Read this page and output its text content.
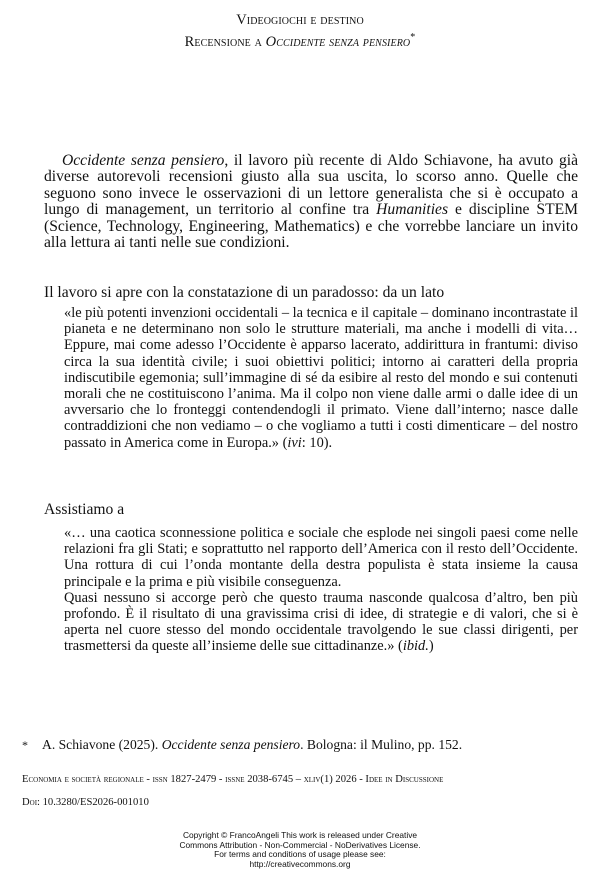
Videogiochi e destino
Recensione a Occidente senza pensiero*
Occidente senza pensiero, il lavoro più recente di Aldo Schiavone, ha avuto già diverse autorevoli recensioni giusto alla sua uscita, lo scorso anno. Quelle che seguono sono invece le osservazioni di un lettore generalista che si è occupato a lungo di management, un territorio al confine tra Humanities e discipline STEM (Science, Technology, Engineering, Mathematics) e che vorrebbe lanciare un invito alla lettura ai tanti nelle sue condizioni.
Il lavoro si apre con la constatazione di un paradosso: da un lato
«le più potenti invenzioni occidentali – la tecnica e il capitale – dominano incontrastate il pianeta e ne determinano non solo le strutture materiali, ma anche i modelli di vita… Eppure, mai come adesso l’Occidente è apparso lacerato, addirittura in frantumi: diviso circa la sua identità civile; i suoi obiettivi politici; intorno ai caratteri della propria indiscutibile egemonia; sull’immagine di sé da esibire al resto del mondo e sui contenuti morali che ne costituiscono l’anima. Ma il colpo non viene dalle armi o dalle idee di un avversario che lo fronteggi contendendogli il primato. Viene dall’interno; nasce dalle contraddizioni che non vediamo – o che vogliamo a tutti i costi dimenticare – del nostro passato in America come in Europa.» (ivi: 10).
Assistiamo a
«… una caotica sconnessione politica e sociale che esplode nei singoli paesi come nelle relazioni fra gli Stati; e soprattutto nel rapporto dell’America con il resto dell’Occidente. Una rottura di cui l’onda montante della destra populista è stata insieme la causa principale e la prima e più visibile conseguenza.
Quasi nessuno si accorge però che questo trauma nasconde qualcosa d’altro, ben più profondo. È il risultato di una gravissima crisi di idee, di strategie e di valori, che si è aperta nel cuore stesso del mondo occidentale travolgendo le sue classi dirigenti, per trasmettersi da queste all’insieme delle sue cittadinanze.» (ibid.)
* A. Schiavone (2025). Occidente senza pensiero. Bologna: il Mulino, pp. 152.
Economia e società regionale - issn 1827-2479 - issne 2038-6745 – xliv(1) 2026 - Idee in Discussione
Doi: 10.3280/ES2026-001010
Copyright © FrancoAngeli This work is released under Creative
Commons Attribution - Non-Commercial - NoDerivatives License.
For terms and conditions of usage please see:
http://creativecommons.org
